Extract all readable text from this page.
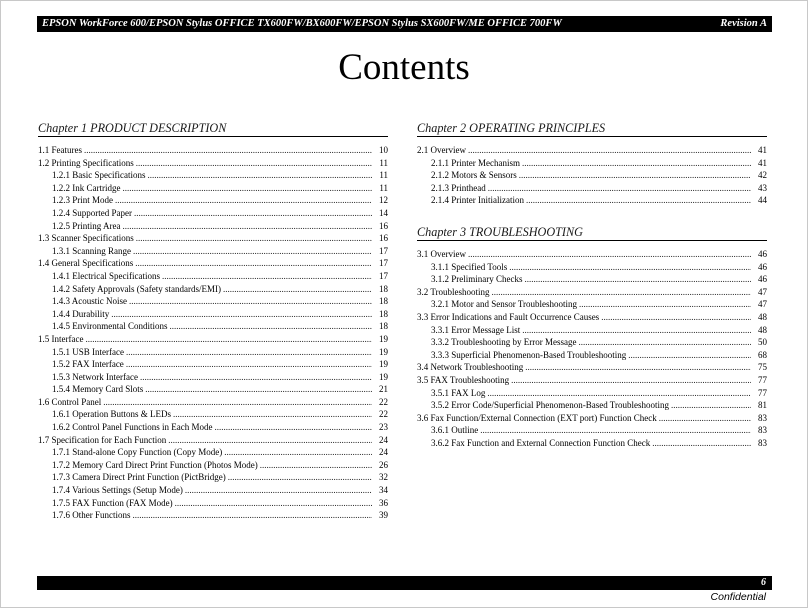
EPSON WorkForce 600/EPSON Stylus OFFICE TX600FW/BX600FW/EPSON Stylus SX600FW/ME OFFICE 700FW	Revision A
Contents
Chapter 1 PRODUCT DESCRIPTION
1.1 Features .....	10
1.2 Printing Specifications .....	11
1.2.1 Basic Specifications .....	11
1.2.2 Ink Cartridge .....	11
1.2.3 Print Mode .....	12
1.2.4 Supported Paper .....	14
1.2.5 Printing Area .....	16
1.3 Scanner Specifications .....	16
1.3.1 Scanning Range .....	17
1.4 General Specifications .....	17
1.4.1 Electrical Specifications .....	17
1.4.2 Safety Approvals (Safety standards/EMI) .....	18
1.4.3 Acoustic Noise .....	18
1.4.4 Durability .....	18
1.4.5 Environmental Conditions .....	18
1.5 Interface .....	19
1.5.1 USB Interface .....	19
1.5.2 FAX Interface .....	19
1.5.3 Network Interface .....	19
1.5.4 Memory Card Slots .....	21
1.6 Control Panel .....	22
1.6.1 Operation Buttons & LEDs .....	22
1.6.2 Control Panel Functions in Each Mode .....	23
1.7 Specification for Each Function .....	24
1.7.1 Stand-alone Copy Function (Copy Mode) .....	24
1.7.2 Memory Card Direct Print Function (Photos Mode) .....	26
1.7.3 Camera Direct Print Function (PictBridge) .....	32
1.7.4 Various Settings (Setup Mode) .....	34
1.7.5 FAX Function (FAX Mode) .....	36
1.7.6 Other Functions .....	39
Chapter 2 OPERATING PRINCIPLES
2.1 Overview .....	41
2.1.1 Printer Mechanism .....	41
2.1.2 Motors & Sensors .....	42
2.1.3 Printhead .....	43
2.1.4 Printer Initialization .....	44
Chapter 3 TROUBLESHOOTING
3.1 Overview .....	46
3.1.1 Specified Tools .....	46
3.1.2 Preliminary Checks .....	46
3.2 Troubleshooting .....	47
3.2.1 Motor and Sensor Troubleshooting .....	47
3.3 Error Indications and Fault Occurrence Causes .....	48
3.3.1 Error Message List .....	48
3.3.2 Troubleshooting by Error Message .....	50
3.3.3 Superficial Phenomenon-Based Troubleshooting .....	68
3.4 Network Troubleshooting .....	75
3.5 FAX Troubleshooting .....	77
3.5.1 FAX Log .....	77
3.5.2 Error Code/Superficial Phenomenon-Based Troubleshooting .....	81
3.6 Fax Function/External Connection (EXT port) Function Check .....	83
3.6.1 Outline .....	83
3.6.2 Fax Function and External Connection Function Check .....	83
6
Confidential
